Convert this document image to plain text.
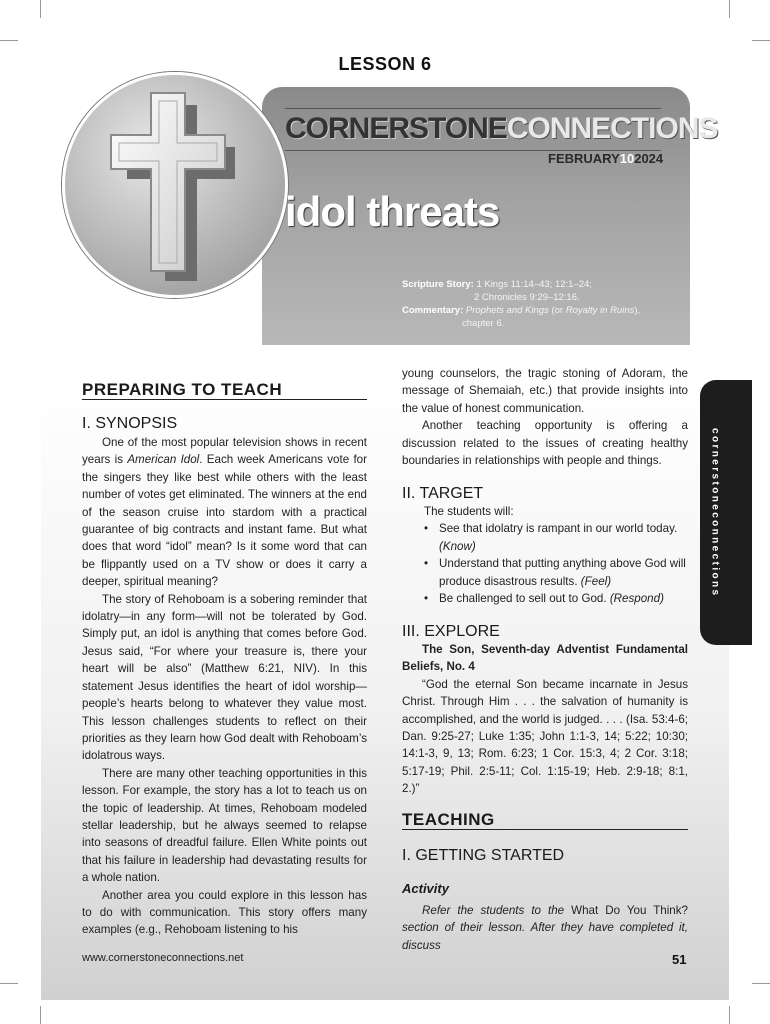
LESSON 6
CORNERSTONECONNECTIONS
FEBRUARY102024
idol threats
Scripture Story: 1 Kings 11:14–43; 12:1–24;
2 Chronicles 9:29–12:16.
Commentary: Prophets and Kings (or Royalty in Ruins),
chapter 6.
cornerstoneconnections
PREPARING TO TEACH
I. SYNOPSIS
One of the most popular television shows in recent years is American Idol. Each week Americans vote for the singers they like best while others with the least number of votes get eliminated. The winners at the end of the season cruise into stardom with a practical guarantee of big contracts and instant fame. But what does that word “idol” mean? Is it some word that can be flippantly used on a TV show or does it carry a deeper, spiritual meaning?
The story of Rehoboam is a sobering reminder that idolatry—in any form—will not be tolerated by God. Simply put, an idol is anything that comes before God. Jesus said, “For where your treasure is, there your heart will be also” (Matthew 6:21, NIV). In this statement Jesus identifies the heart of idol worship—people’s hearts belong to whatever they value most. This lesson challenges students to reflect on their priorities as they learn how God dealt with Rehoboam’s idolatrous ways.
There are many other teaching opportunities in this lesson. For example, the story has a lot to teach us on the topic of leadership. At times, Rehoboam modeled stellar leadership, but he always seemed to relapse into seasons of dreadful failure. Ellen White points out that his failure in leadership had devastating results for a whole nation.
Another area you could explore in this lesson has to do with communication. This story offers many examples (e.g., Rehoboam listening to his
young counselors, the tragic stoning of Adoram, the message of Shemaiah, etc.) that provide insights into the value of honest communication.
Another teaching opportunity is offering a discussion related to the issues of creating healthy boundaries in relationships with people and things.
II. TARGET
The students will:
• See that idolatry is rampant in our world today. (Know)
• Understand that putting anything above God will produce disastrous results. (Feel)
• Be challenged to sell out to God. (Respond)
III. EXPLORE
The Son, Seventh-day Adventist Fundamental Beliefs, No. 4
“God the eternal Son became incarnate in Jesus Christ. Through Him . . . the salvation of humanity is accomplished, and the world is judged. . . . (Isa. 53:4-6; Dan. 9:25-27; Luke 1:35; John 1:1-3, 14; 5:22; 10:30; 14:1-3, 9, 13; Rom. 6:23; 1 Cor. 15:3, 4; 2 Cor. 3:18; 5:17-19; Phil. 2:5-11; Col. 1:15-19; Heb. 2:9-18; 8:1, 2.)”
TEACHING
I. GETTING STARTED
Activity
Refer the students to the What Do You Think? section of their lesson. After they have completed it, discuss
www.cornerstoneconnections.net	51
